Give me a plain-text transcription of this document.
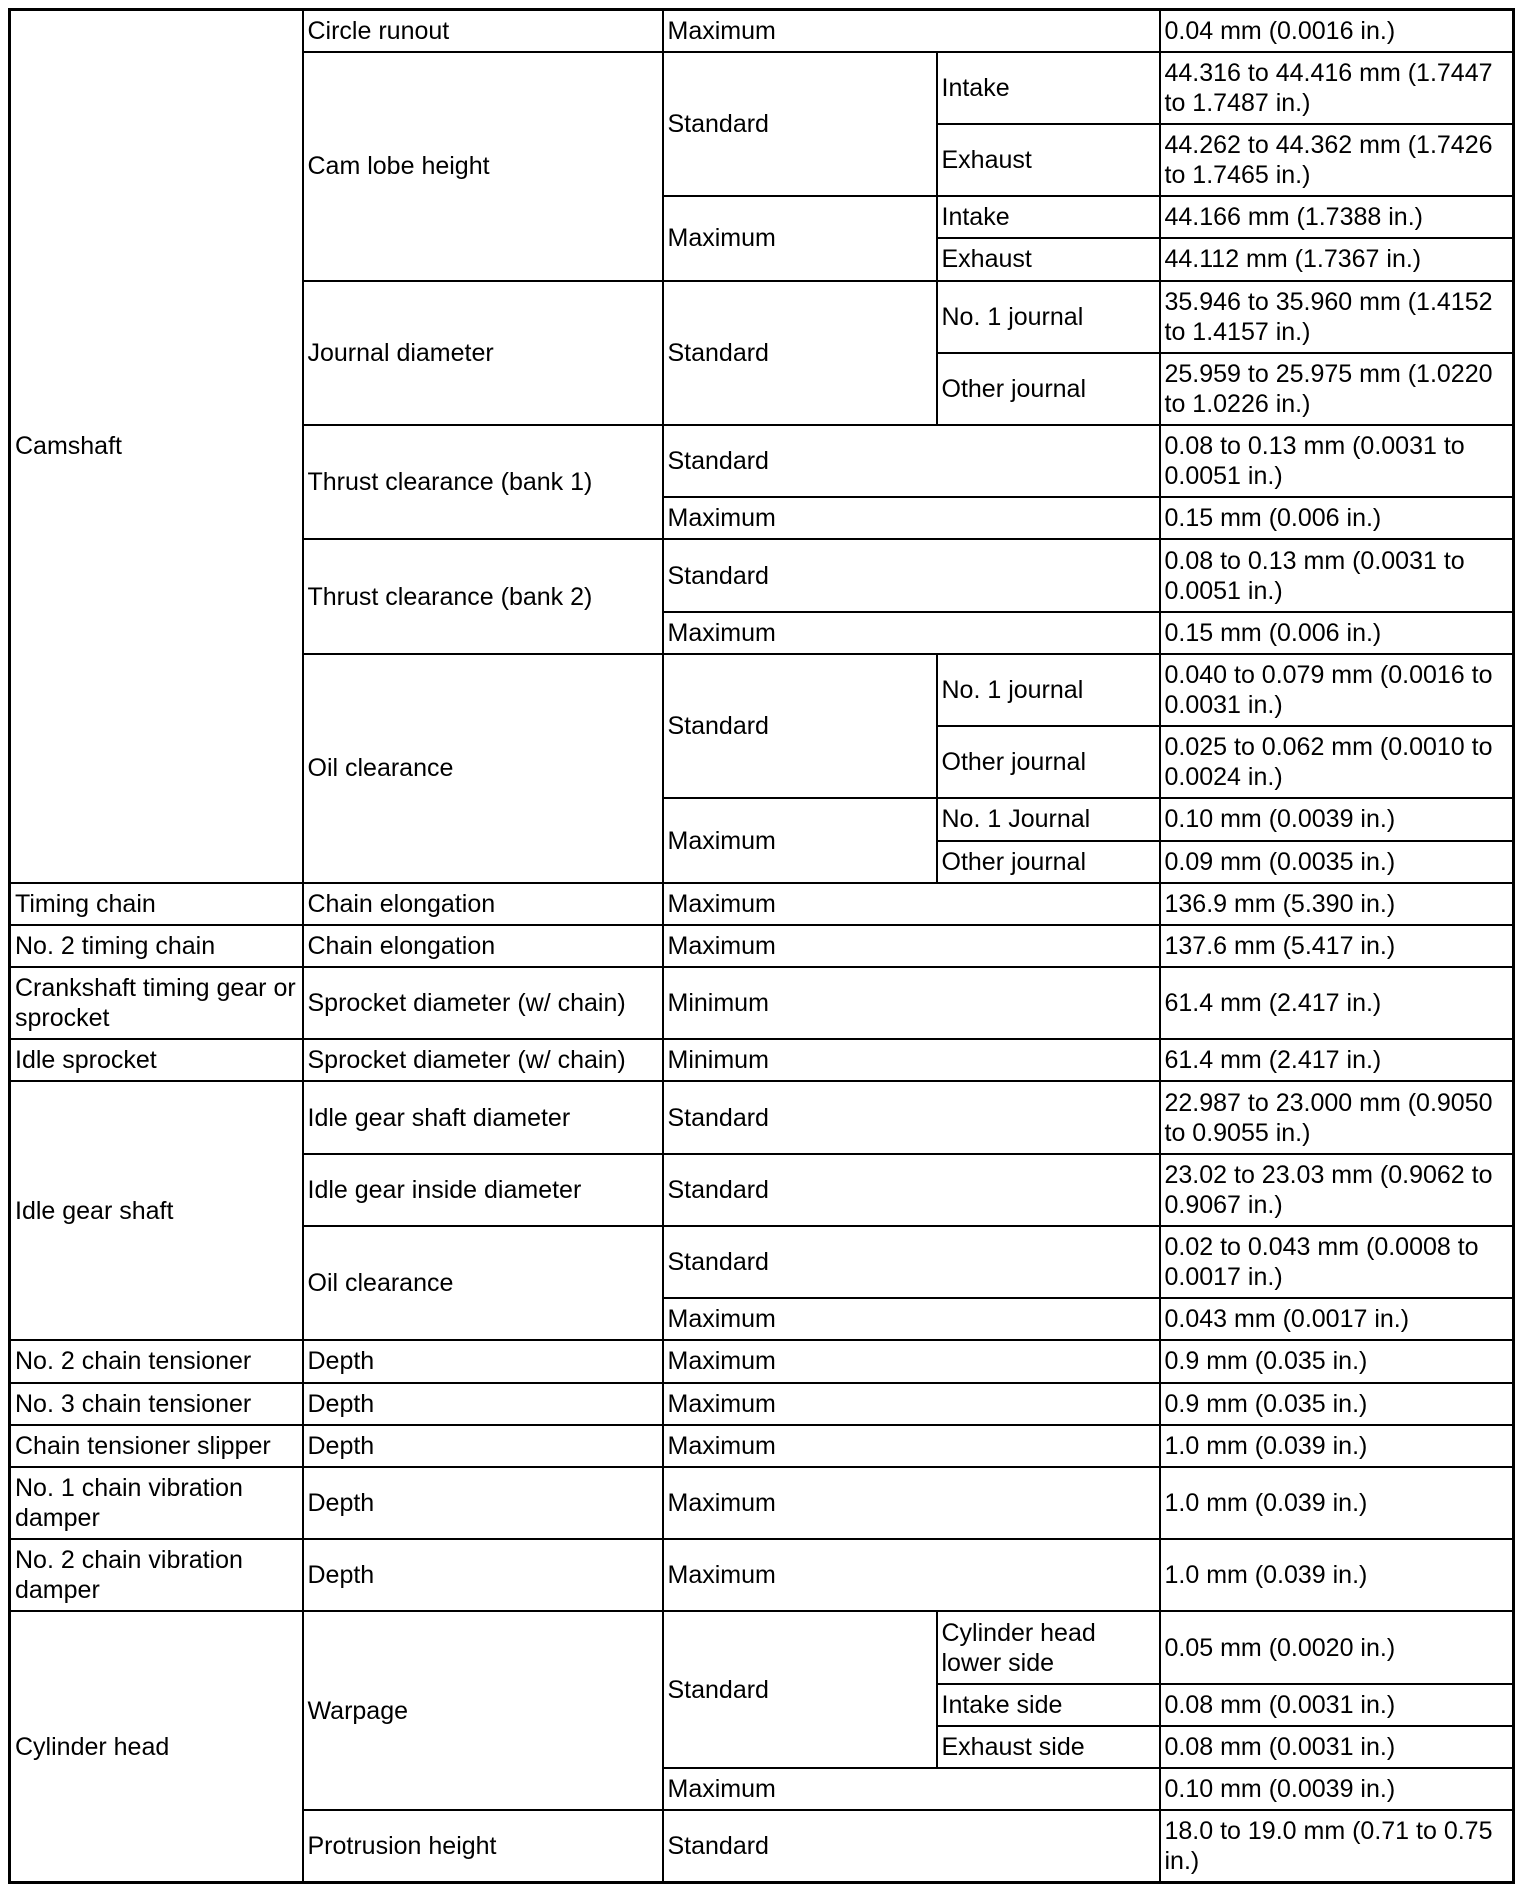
Camshaft	Circle runout	Maximum		0.04 mm (0.0016 in.)
	Cam lobe height	Standard	Intake	44.316 to 44.416 mm (1.7447 to 1.7487 in.)
			Exhaust	44.262 to 44.362 mm (1.7426 to 1.7465 in.)
		Maximum	Intake	44.166 mm (1.7388 in.)
			Exhaust	44.112 mm (1.7367 in.)
	Journal diameter	Standard	No. 1 journal	35.946 to 35.960 mm (1.4152 to 1.4157 in.)
			Other journal	25.959 to 25.975 mm (1.0220 to 1.0226 in.)
	Thrust clearance (bank 1)	Standard		0.08 to 0.13 mm (0.0031 to 0.0051 in.)
		Maximum		0.15 mm (0.006 in.)
	Thrust clearance (bank 2)	Standard		0.08 to 0.13 mm (0.0031 to 0.0051 in.)
		Maximum		0.15 mm (0.006 in.)
	Oil clearance	Standard	No. 1 journal	0.040 to 0.079 mm (0.0016 to 0.0031 in.)
			Other journal	0.025 to 0.062 mm (0.0010 to 0.0024 in.)
		Maximum	No. 1 Journal	0.10 mm (0.0039 in.)
			Other journal	0.09 mm (0.0035 in.)
Timing chain	Chain elongation	Maximum		136.9 mm (5.390 in.)
No. 2 timing chain	Chain elongation	Maximum		137.6 mm (5.417 in.)
Crankshaft timing gear or sprocket	Sprocket diameter (w/ chain)	Minimum		61.4 mm (2.417 in.)
Idle sprocket	Sprocket diameter (w/ chain)	Minimum		61.4 mm (2.417 in.)
Idle gear shaft	Idle gear shaft diameter	Standard		22.987 to 23.000 mm (0.9050 to 0.9055 in.)
	Idle gear inside diameter	Standard		23.02 to 23.03 mm (0.9062 to 0.9067 in.)
	Oil clearance	Standard		0.02 to 0.043 mm (0.0008 to 0.0017 in.)
		Maximum		0.043 mm (0.0017 in.)
No. 2 chain tensioner	Depth	Maximum		0.9 mm (0.035 in.)
No. 3 chain tensioner	Depth	Maximum		0.9 mm (0.035 in.)
Chain tensioner slipper	Depth	Maximum		1.0 mm (0.039 in.)
No. 1 chain vibration damper	Depth	Maximum		1.0 mm (0.039 in.)
No. 2 chain vibration damper	Depth	Maximum		1.0 mm (0.039 in.)
Cylinder head	Warpage	Standard	Cylinder head lower side	0.05 mm (0.0020 in.)
			Intake side	0.08 mm (0.0031 in.)
			Exhaust side	0.08 mm (0.0031 in.)
		Maximum		0.10 mm (0.0039 in.)
	Protrusion height	Standard		18.0 to 19.0 mm (0.71 to 0.75 in.)
